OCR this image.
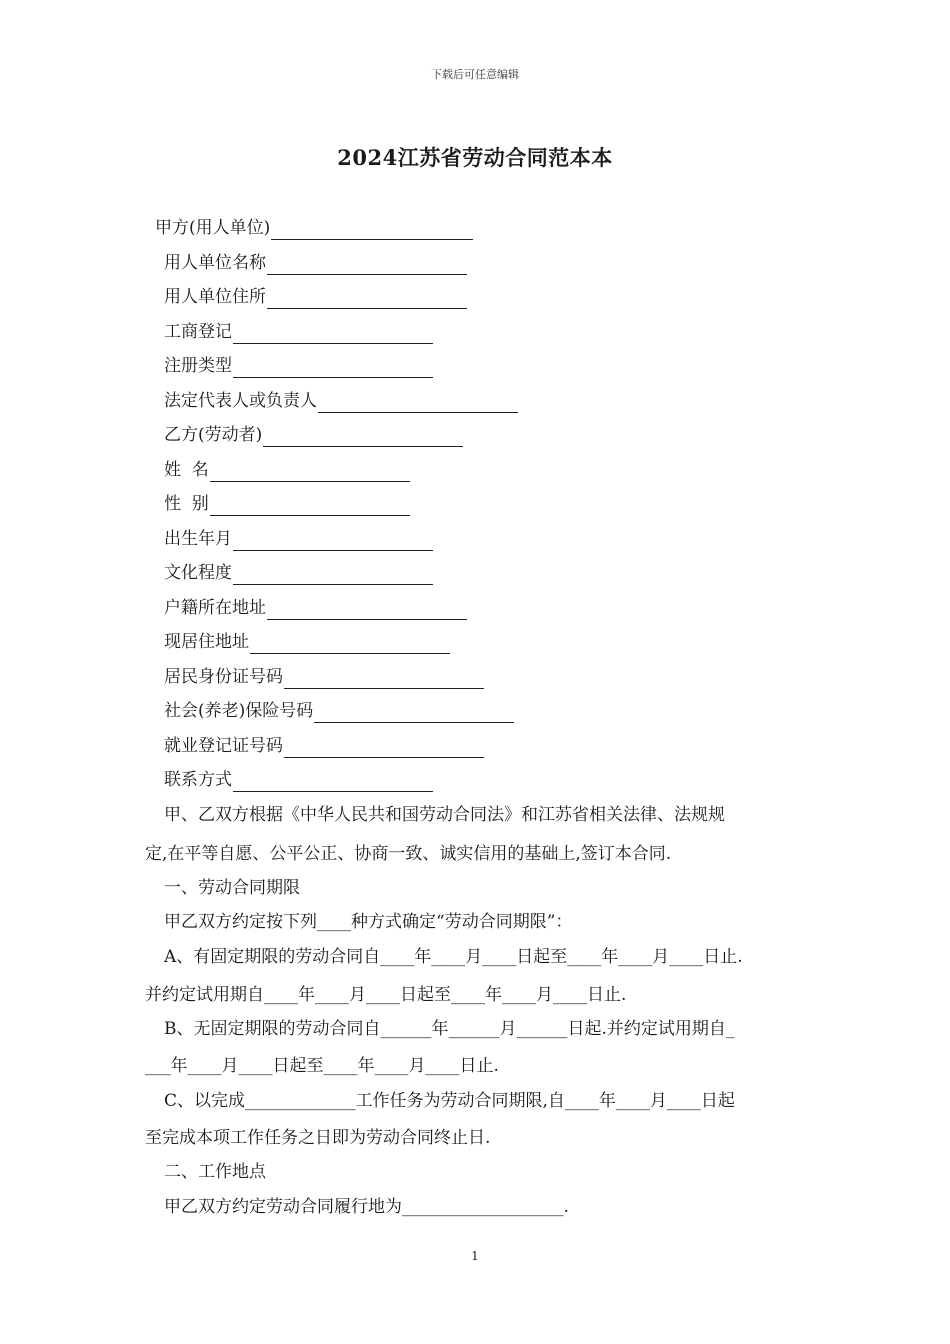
下载后可任意编辑
2024江苏省劳动合同范本本
甲方(用人单位)
用人单位名称
用人单位住所
工商登记
注册类型
法定代表人或负责人
乙方(劳动者)
姓  名
性  别
出生年月
文化程度
户籍所在地址
现居住地址
居民身份证号码
社会(养老)保险号码
就业登记证号码
联系方式
甲、乙双方根据《中华人民共和国劳动合同法》和江苏省相关法律、法规规
定,在平等自愿、公平公正、协商一致、诚实信用的基础上,签订本合同.
一、劳动合同期限
甲乙双方约定按下列____种方式确定“劳动合同期限”：
A、有固定期限的劳动合同自____年____月____日起至____年____月____日止.
并约定试用期自____年____月____日起至____年____月____日止.
B、无固定期限的劳动合同自______年______月______日起.并约定试用期自_
___年____月____日起至____年____月____日止.
C、以完成_____________工作任务为劳动合同期限,自____年____月____日起
至完成本项工作任务之日即为劳动合同终止日.
二、工作地点
甲乙双方约定劳动合同履行地为___________________.
1
